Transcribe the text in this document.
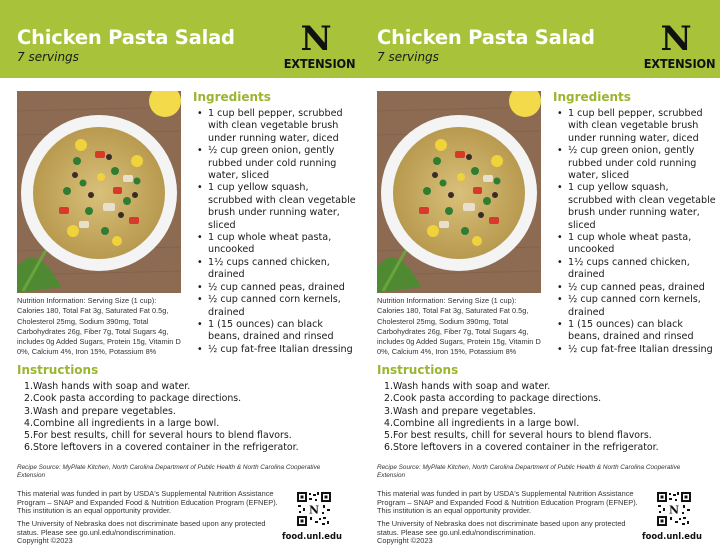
Chicken Pasta Salad
7 servings	N
EXTENSION
Nutrition Information: Serving Size (1 cup): Calories 180, Total Fat 3g, Saturated Fat 0.5g, Cholesterol 25mg, Sodium 390mg, Total Carbohydrates 26g, Fiber 7g, Total Sugars 4g, includes 0g Added Sugars, Protein 15g, Vitamin D 0%, Calcium 4%, Iron 15%, Potassium 8%
Ingredients
• 1 cup bell pepper, scrubbed with clean vegetable brush under running water, diced
• ½ cup green onion, gently rubbed under cold running water, sliced
• 1 cup yellow squash, scrubbed with clean vegetable brush under running water, sliced
• 1 cup whole wheat pasta, uncooked
• 1½ cups canned chicken, drained
• ½ cup canned peas, drained
• ½ cup canned corn kernels, drained
• 1 (15 ounces) can black beans, drained and rinsed
• ½ cup fat-free Italian dressing
Instructions
1.Wash hands with soap and water.
2.Cook pasta according to package directions.
3.Wash and prepare vegetables.
4.Combine all ingredients in a large bowl.
5.For best results, chill for several hours to blend flavors.
6.Store leftovers in a covered container in the refrigerator.
Recipe Source: MyPlate Kitchen, North Carolina Department of Public Health & North Carolina Cooperative Extension
This material was funded in part by USDA's Supplemental Nutrition Assistance Program – SNAP and Expanded Food & Nutrition Education Program (EFNEP). This institution is an equal opportunity provider.
The University of Nebraska does not discriminate based upon any protected status. Please see go.unl.edu/nondiscrimination.
Copyright ©2023
N
food.unl.edu
Chicken Pasta Salad
7 servings	N
EXTENSION
Nutrition Information: Serving Size (1 cup): Calories 180, Total Fat 3g, Saturated Fat 0.5g, Cholesterol 25mg, Sodium 390mg, Total Carbohydrates 26g, Fiber 7g, Total Sugars 4g, includes 0g Added Sugars, Protein 15g, Vitamin D 0%, Calcium 4%, Iron 15%, Potassium 8%
Ingredients
• 1 cup bell pepper, scrubbed with clean vegetable brush under running water, diced
• ½ cup green onion, gently rubbed under cold running water, sliced
• 1 cup yellow squash, scrubbed with clean vegetable brush under running water, sliced
• 1 cup whole wheat pasta, uncooked
• 1½ cups canned chicken, drained
• ½ cup canned peas, drained
• ½ cup canned corn kernels, drained
• 1 (15 ounces) can black beans, drained and rinsed
• ½ cup fat-free Italian dressing
Instructions
1.Wash hands with soap and water.
2.Cook pasta according to package directions.
3.Wash and prepare vegetables.
4.Combine all ingredients in a large bowl.
5.For best results, chill for several hours to blend flavors.
6.Store leftovers in a covered container in the refrigerator.
Recipe Source: MyPlate Kitchen, North Carolina Department of Public Health & North Carolina Cooperative Extension
This material was funded in part by USDA's Supplemental Nutrition Assistance Program – SNAP and Expanded Food & Nutrition Education Program (EFNEP). This institution is an equal opportunity provider.
The University of Nebraska does not discriminate based upon any protected status. Please see go.unl.edu/nondiscrimination.
Copyright ©2023
N
food.unl.edu
